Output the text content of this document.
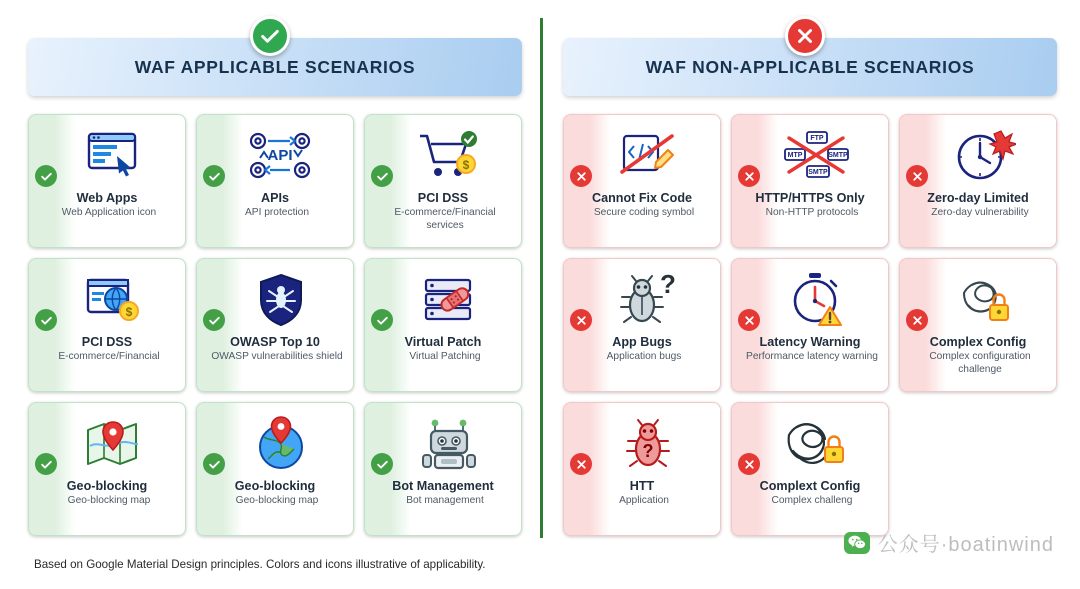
WAF APPLICABLE SCENARIOS
Web Apps
Web Application icon
API
APIs
API protection
$
PCI DSS
E-commerce/Financial services
$
PCI DSS
E-commerce/Financial
OWASP Top 10
OWASP vulnerabilities shield
Virtual Patch
Virtual Patching
Geo-blocking
Geo-blocking map
Geo-blocking
Geo-blocking map
Bot Management
Bot management
WAF NON-APPLICABLE SCENARIOS
Cannot Fix Code
Secure coding symbol
FTP
MTP	SMTP
SMTP
HTTP/HTTPS Only
Non-HTTP protocols
Zero-day Limited
Zero-day vulnerability
?
App Bugs
Application bugs
Latency Warning
Performance latency warning
Complex Config
Complex configuration challenge
?
HTT
Application
Complext Config
Complex challeng
Based on Google Material Design principles. Colors and icons illustrative of applicability.
公众号·boatinwind
